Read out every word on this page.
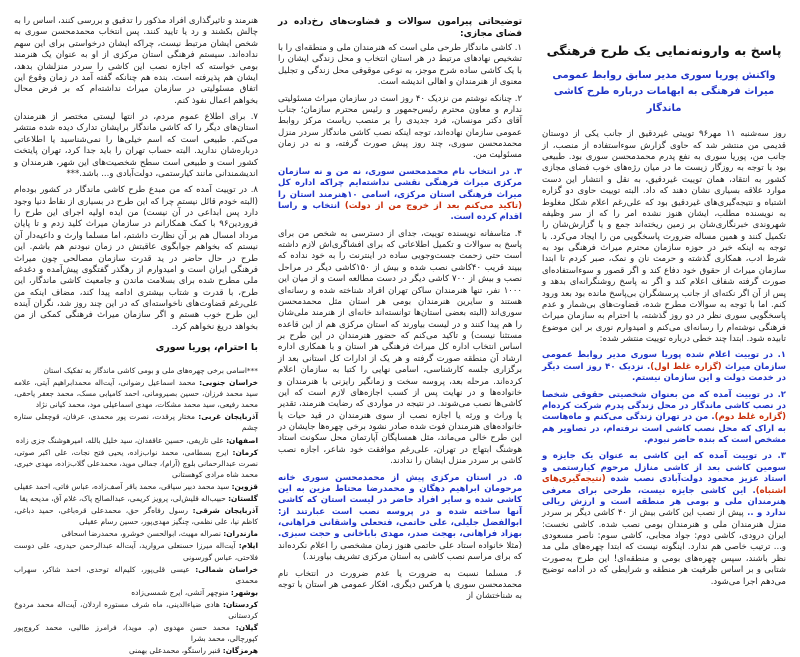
پاسخ به وارونه‌نمایی یک طرح فرهنگی
واکنش پوریا سوری مدیر سابق روابط عمومی میراث فرهنگی به ابهامات درباره طرح کاشی ماندگار

روز سه‌شنبه ۱۱ مهر۹۶ توییتی غیردقیق از جانب یکی از دوستان قدیمی من منتشر شد که حاوی گزارش سوءاستفاده از منصب، از جانب من، پوریا سوری به نفع پدرم محمدمحسن سوری بود. طبیعی بود با توجه به روزگار زیست ما در میان رژه‌های خوب فضای مجازی کشور به انتقاد، همان توییت غیردقیق، به نقل و انتشار این دست موارد علاقه بسیاری نشان دهند که داد. البته توییت حاوی دو گزاره اشتباه و نتیجه‌گیری‌های غیردقیق بود که علی‌رغم اعلام شکل مغلوط به نویسنده مطلب، ایشان هنوز نشده امر را که از سر وظیفه شهروندی خبرنگاری‌شان بر زمین ریخته‌اند جمع و یا گزارش‌شان را تکمیل کنند و همین مساله ضرورت پاسخگویی من را ایجاد می‌کرد. با توجه به اینکه خبر در حوزه سازمان محترم میراث فرهنگی بود به شرط ادب، همکاری گذشته و حرمت نان و نمک، صبر کردم تا ابتدا سازمان میراث از حقوق خود دفاع کند و اگر قصور و سوءاستفاده‌ای صورت گرفته شفاف اعلام کند و اگر نه پاسخ روشنگرانه‌ای بدهد و پس از آن اگر نکته‌ای از جانب پرسشگران بی‌پاسخ مانده بود بعد ورود کنم. اما با توجه به سوالات مطرح شده، قضاوت‌های بی‌شمار و عدم پاسخگویی سوری نظر در دو روز گذشته، با احترام به سازمان میراث فرهنگی نوشته‌ام را رسانه‌ای می‌کنم و امیدوارم نوری بر این موضوع تابیده شود. ابتدا چند خطی درباره توییت منتشر شده:

۱. در توییت اعلام شده پوریا سوری مدیر روابط عمومی سازمان میراث (گزاره غلط اول). نزدیک ۴۰ روز است دیگر در خدمت دولت و این سازمان نیستم.

۲. در توییت آمده که من بعنوان شخصیتی حقوقی شخصا در نصب کاشی ماندگار در محل زندگی پدرم شرکت کرده‌ام (گزاره غلط دوم). من در تهران زندگی می‌کنم و ماه‌هاست به اراک که محل نصب کاشی است نرفته‌ام، در تصاویر هم مشخص است که بنده حاضر نبودم.

۳. در توییت آمده که این کاشی به عنوان یک جایزه و سومین کاشی بعد از کاشی منازل مرحوم کیارستمی و استاد عزیز محمود دولت‌آبادی نصب شده (نتیجه‌گیری‌های اشتباه). این کاشی جایزه نیست، طرحی برای معرفی هنرمندان ملی و بومی هر منطقه است و ارزش ریالی ندارد و .. پیش از نصب این کاشی بیش از ۴۰ کاشی دیگر بر سردر منزل هنرمندان ملی و هنرمندان بومی نصب شده. کاشی نخست: ایران درودی، کاشی دوم: جواد مجابی، کاشی سوم: ناصر مسعودی و... ترتیب خاصی هم ندارد. اینگونه نیست که ابتدا چهره‌های ملی مد نظر باشند، سپس چهره‌های بومی و منطقه‌ای! این طرح به‌صورت شتابی و بر اساس ظرفیت هر منطقه و شرایطی که در ادامه توضیح می‌دهم اجرا می‌شود.

توضیحاتی پیرامون سوالات و قضاوت‌های رخ‌داده در فضای مجازی:

۱. کاشی ماندگار طرحی ملی است که هنرمندان ملی و منطقه‌ای را با تشخیص نهادهای مرتبط در هر استان انتخاب و محل زندگی ایشان را با یک کاشی ساده شرح موجز، به نوعی موقوفی محل زندگی و تجلیل معنوی از هنرمندان و اهالی اندیشه است.

۲. چنانکه نوشتم من نزدیک ۴۰ روز است در سازمان میراث مسئولیتی ندارم و معاون محترم رئیس‌جمهور و رئیس محترم سازمان؛ جناب آقای دکتر مونسان، فرد جدیدی را بر منصب ریاست مرکز روابط عمومی سازمان نهاده‌اند، توجه اینکه نصب کاشی ماندگار سردر منزل محمدمحسن سوری، چند روز پیش صورت گرفته، و نه در زمان مسئولیت من.

۳. در انتخاب نام محمدمحسن سوری، نه من و نه سازمان مرکزی میراث فرهنگی نقشی نداشته‌ایم چراکه اداره کل میراث فرهنگی استان مرکزی، اسامی ۱۰هنرمند استان را (تاکید می‌کنم بعد از خروج من از دولت) انتخاب و راسا اقدام کرده است.

۴. متاسفانه نویسنده توییت، جدای از دسترسی به شخص من برای پاسخ به سوالات و تکمیل اطلاعاتی که برای افشاگری‌اش لازم داشته است حتی زحمت جست‌وجویی ساده در اینترنت را به خود نداده که ببیند قریب ۴۰کاشی نصب شده و بیش از ۱۵۰کاشی دیگر در مراحل نصب و بیش از ۷۰۰ کاشی دیگر در دست مطالعه است و از میان این ۱۰۰۰ نفر، تنها هنرمندان ساکن تهران افراد شناخته شده و رسانه‌ای هستند و سایرین هنرمندان بومی هر استان مثل محمدمحسن سوری‌اند (البته بعضی استان‌ها توانسته‌اند خانه‌ای از هنرمند ملی‌شان را هم پیدا کنند و در لیست بیاورند که استان مرکزی هم از این قاعده مستثنا نیست) و تاکید می‌کنم که حضور هنرمندان در این طرح بر اساس انتخاب اداره کل میراث فرهنگی هر استان و با همکاری اداره ارشاد آن منطقه صورت گرفته و هر یک از ادارات کل استانی بعد از برگزاری جلسه کارشناسی، اسامی نهایی را کتبا به سازمان اعلام کرده‌اند. مرحله بعد، پروسه سخت و زمانگیر رایزنی با هنرمندان و خانواده‌ها و در نهایت پس از کسب اجازه‌های لازم است که این کاشی‌ها نصب می‌شوند. در نتیجه در مواردی که رضایت هنرمند، تقدیر یا وراث و ورثه یا اجازه نصب از سوی هنرمندان در قید حیات یا خانواده‌های هنرمندان فوت شده صادر نشود برخی چهره‌ها جایشان در این طرح خالی می‌ماند، مثل همسایگان آپارتمان محل سکونت استاد هوشنگ ابتهاج در تهران، علی‌رغم موافقت خود شاعر، اجازه نصب کاشی بر سردر منزل ایشان را ندادند.

۵. در استان مرکزی پیش از محمدمحسن سوری خانه مرحومان ابراهیم دهگان و محمدرضا محتاط مزین به این کاشی شده و سایر افراد حاضر در لیست استان که کاشی آنها ساخته شده و در پروسه نصب است عبارتند از: ابوالفضل جلیلی، علی حاتمی، فتحعلی واشقانی فراهانی، بهزاد فراهانی، بهجت صدر، مهدی باباخانی و حجت سبزی. (مثلا خانواده استاد علی حاتمی هنوز زمان مشخصی را اعلام نکرده‌اند که برای مراسم نصب کاشی به استان مرکزی تشریف بیاورند.)

۶. مسلما نسبت به ضرورت یا عدم ضرورت در انتخاب نام محمدمحسن سوری یا هرکس دیگری، افکار عمومی هر استان با توجه به شناختشان از

هنرمند و تاثیرگذاری افراد مذکور را تدقیق و بررسی کنند، اساس را به چالش بکشند و رد یا تایید کنند. پس انتخاب محمدمحسن سوری به شخص ایشان مرتبط نیست، چراکه ایشان درخواستی برای این سهم نداده‌اند. سیستم فرهنگی استان مرکزی از او به عنوان یک هنرمند بومی خواسته که اجازه نصب این کاشی را سردر منزلشان بدهد، ایشان هم پذیرفته است. بنده هم چنانکه گفته آمد در زمان وقوع این اتفاق مسئولیتی در سازمان میراث نداشته‌ام که بر فرض محال بخواهم اعمال نفوذ کنم.

۷. برای اطلاع عموم مردم، در انتها لیستی مختصر از هنرمندان استان‌های دیگر را که کاشی ماندگار برایشان تدارک دیده شده منتشر می‌کنم. طبیعی است که اسم خیلی‌ها را نمی‌شناسید یا اطلاعاتی درباره‌شان ندارید. البته حساب تهران را باید جدا کرد، تهران پایتخت کشور است و طبیعی است سطح شخصیت‌های این شهر، هنرمندان و اندیشمندانی مانند کیارستمی، دولت‌آبادی و... باشد.***

۸. در توییت آمده که من مبدع طرح کاشی ماندگار در کشور بوده‌ام (البته خودم قائل نیستم چرا که این طرح در بسیاری از نقاط دنیا وجود دارد پس ابداعی در آن نیست) من ایده اولیه اجرای این طرح را فروردین۹۶ با کمک همکارانم در سازمان میراث کلید زدم و تا پایان مرداد امسال هم بر آن نظارت داشتم، اما مسلما وارث و داعیه‌دار آن نیستم که بخواهم جوابگوی عاقبتش در زمان نبودنم هم باشم. این طرح در حال حاضر در ید قدرت سازمان مصالحی چون میراث فرهنگی ایران است و امیدوارم از رهگذر گفتگوی پیش‌آمده و دغدغه ملی مطرح شده برای بسلامت ماندن و جامعیت کاشی ماندگار، این طرح، با قدرت و شتاب بیشتری ادامه پیدا کند، مضاف اینکه من علی‌رغم قضاوت‌های ناخواسته‌ای که در این چند روز شد، نگران آینده این طرح خوب هستم و اگر سازمان میراث فرهنگی کمکی از من بخواهد دریغ نخواهم کرد.

با احترام، پوریا سوری

***اسامی برخی چهره‌های ملی و بومی کاشی ماندگار به تفکیک استان

خراسان جنوبی: محمد اسماعیل رضوانی، آیت‌اله محمدابراهیم آیتی، علامه سید محمد فرزان، حسین بصیرومانی، احمد کامیابی مسک، محمد جعفر یاحقی، محمد رفیعی، سید محمد مشکات، مهدی اسماعیلی مود، محمد کیانی نژاد

آذربایجان غربی: مختار پرقدت، نصرت پور محمدی، عرفان، قوچعلی ستاره چشم

اصفهان: علی تاریفی، حسین عاقفدان، سید خلیل بالله، امیرهوشنگ جزی زاده

کرمان: ایرج بسطامی، محمد نواب‌زاده، یحیی فتح نجات، علی اکبر صوتی، نصرت عبدالرحمانی بلوچ (آرام)، جمالی موید، محمدعلی گلاب‌زاده، مهدی خیری، محمد شاه مرادی کوهستانی

قزوین: سید محمد دبیر سیاقی، محمد باقر آصف‌زاده، عباس فاتی، احمد عقیلی

گلستان: حبیب‌اله قلیش‌لی، پرویز کریمی، عبدالصالح پاک، غلام آق، مدیحه یقا

آذربایجان شرقی: رسول رفاه‌گر حق، محمدعلی قره‌باغی، حمید دباغی، کاظم نیا، علی نظمی، چنگیز مهدی‌پور، حسین رسام عقیلی

مازندران: نصراله مهیث، ابوالحسن خوشرو، محمدرضا اسحاقی

ایلام: آیت‌اله میرزا حسنعلی مروارید، آیت‌اله عبدالرحمن حیدری، علی دوست فلاحتی، عباس گورسونی

خراسان شمالی: عیسی قلی‌پور، کلیم‌اله توحدی، احمد شاکر، سهراب محمدی

بوشهر: منوچهر آتشی، ایرج شمسی‌زاده

کردستان: هادی ضیاءالدینی، ماه شرف مستوره اردلان، آیت‌اله محمد مردوخ کردستانی

گیلان: محمد حسن مهدوی (م. موید)، فرامرز طالبی، محمد کروچ‌پور کپورچالی، محمد بشرا

هرمزگان: قنبر راستگو، محمدعلی بهمنی
